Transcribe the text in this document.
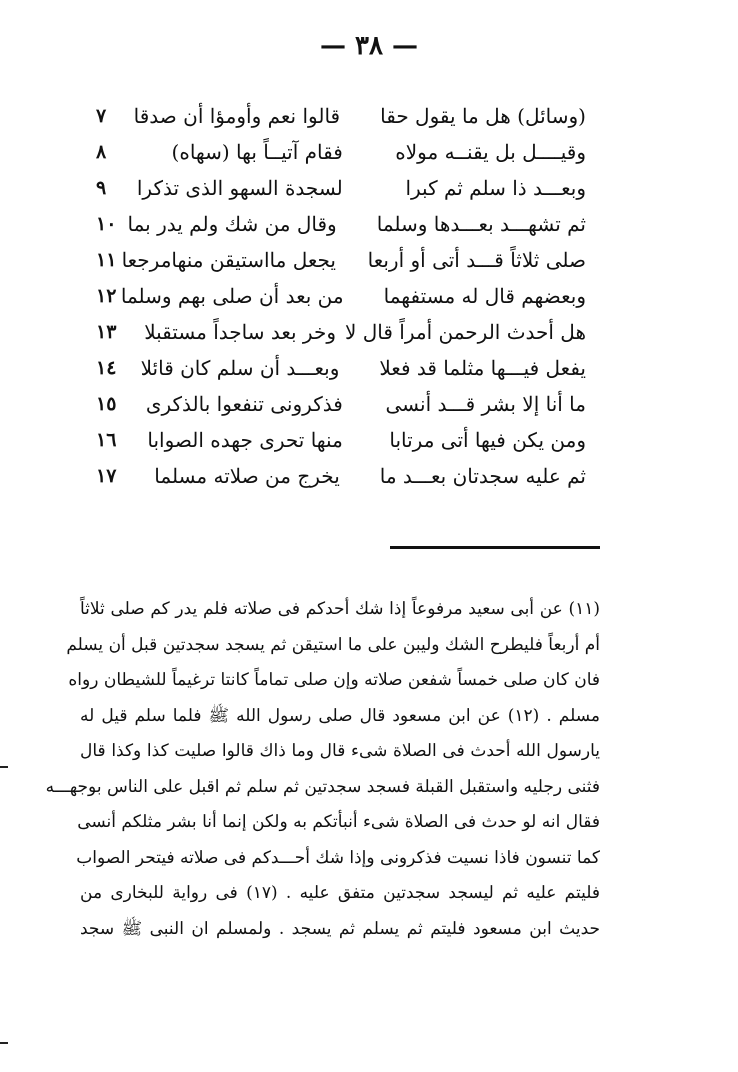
— ٣٨ —
(وسائل) هل ما يقول حقا
قالوا نعم وأومؤا أن صدقا
٧
وقيــــل بل يقنــه مولاه
فقام آتيــاً بها (سهاه)
٨
وبعـــد ذا سلم ثم كبرا
لسجدة السهو الذى تذكرا
٩
ثم تشهـــد بعـــدها وسلما
وقال من شك ولم يدر بما
١٠
صلى ثلاثاً قـــد أتى أو أربعا
يجعل مااستيقن منهامرجعا
١١
وبعضهم قال له مستفهما
من بعد أن صلى بهم وسلما
١٢
هل أحدث الرحمن أمراً قال لا
وخر بعد ساجداً مستقبلا
١٣
يفعل فيـــها مثلما قد فعلا
وبعـــد أن سلم كان قائلا
١٤
ما أنا إلا بشر قـــد أنسى
فذكرونى تنفعوا بالذكرى
١٥
ومن يكن فيها أتى مرتابا
منها تحرى جهده الصوابا
١٦
ثم عليه سجدتان بعـــد ما
يخرج من صلاته مسلما
١٧
(١١) عن أبى سعيد مرفوعاً إذا شك أحدكم فى صلاته فلم يدر كم صلى ثلاثاً
أم أربعاً فليطرح الشك وليبن على ما استيقن ثم يسجد سجدتين قبل أن يسلم
فان كان صلى خمساً شفعن صلاته وإن صلى تماماً كانتا ترغيماً للشيطان رواه
مسلم . (١٢) عن ابن مسعود قال صلى رسول الله ﷺ فلما سلم قيل له
يارسول الله أحدث فى الصلاة شىء قال وما ذاك قالوا صليت كذا وكذا قال
فثنى رجليه واستقبل القبلة فسجد سجدتين ثم سلم ثم اقبل على الناس بوجهـــه
فقال انه لو حدث فى الصلاة شىء أنبأتكم به ولكن إنما أنا بشر مثلكم أنسى
كما تنسون فاذا نسيت فذكرونى وإذا شك أحـــدكم فى صلاته فيتحر الصواب
فليتم عليه ثم ليسجد سجدتين متفق عليه . (١٧) فى رواية للبخارى من
حديث ابن مسعود فليتم ثم يسلم ثم يسجد . ولمسلم ان النبى ﷺ سجد
